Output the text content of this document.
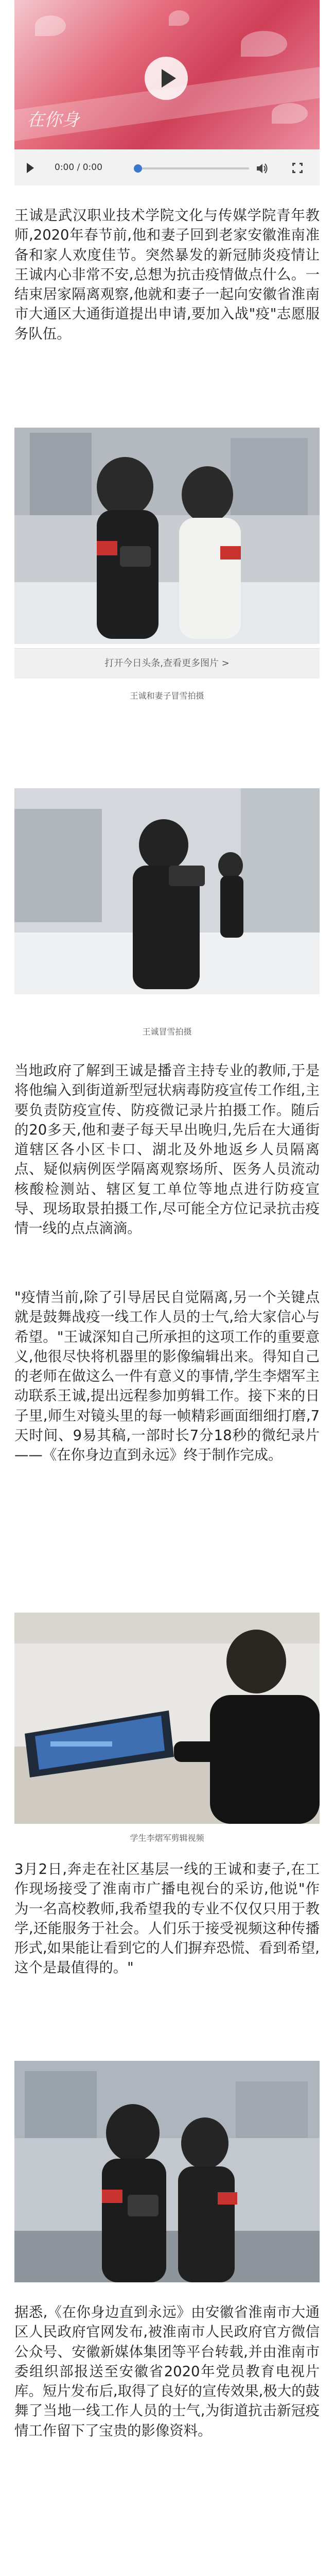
在你身
0:00 / 0:00
王诚是武汉职业技术学院文化与传媒学院青年教师,2020年春节前,他和妻子回到老家安徽淮南准备和家人欢度佳节。突然暴发的新冠肺炎疫情让王诚内心非常不安,总想为抗击疫情做点什么。一结束居家隔离观察,他就和妻子一起向安徽省淮南市大通区大通街道提出申请,要加入战"疫"志愿服务队伍。
打开今日头条,查看更多图片 >
王诚和妻子冒雪拍摄
王诚冒雪拍摄
当地政府了解到王诚是播音主持专业的教师,于是将他编入到街道新型冠状病毒防疫宣传工作组,主要负责防疫宣传、防疫微记录片拍摄工作。随后的20多天,他和妻子每天早出晚归,先后在大通街道辖区各小区卡口、湖北及外地返乡人员隔离点、疑似病例医学隔离观察场所、医务人员流动核酸检测站、辖区复工单位等地点进行防疫宣导、现场取景拍摄工作,尽可能全方位记录抗击疫情一线的点点滴滴。
"疫情当前,除了引导居民自觉隔离,另一个关键点就是鼓舞战疫一线工作人员的士气,给大家信心与希望。"王诚深知自己所承担的这项工作的重要意义,他很尽快将机器里的影像编辑出来。得知自己的老师在做这么一件有意义的事情,学生李熠军主动联系王诚,提出远程参加剪辑工作。接下来的日子里,师生对镜头里的每一帧精彩画面细细打磨,7天时间、9易其稿,一部时长7分18秒的微纪录片——《在你身边直到永远》终于制作完成。
学生李熠军剪辑视频
3月2日,奔走在社区基层一线的王诚和妻子,在工作现场接受了淮南市广播电视台的采访,他说"作为一名高校教师,我希望我的专业不仅仅只用于教学,还能服务于社会。人们乐于接受视频这种传播形式,如果能让看到它的人们摒弃恐慌、看到希望,这个是最值得的。"
据悉,《在你身边直到永远》由安徽省淮南市大通区人民政府官网发布,被淮南市人民政府官方微信公众号、安徽新媒体集团等平台转载,并由淮南市委组织部报送至安徽省2020年党员教育电视片库。短片发布后,取得了良好的宣传效果,极大的鼓舞了当地一线工作人员的士气,为街道抗击新冠疫情工作留下了宝贵的影像资料。
